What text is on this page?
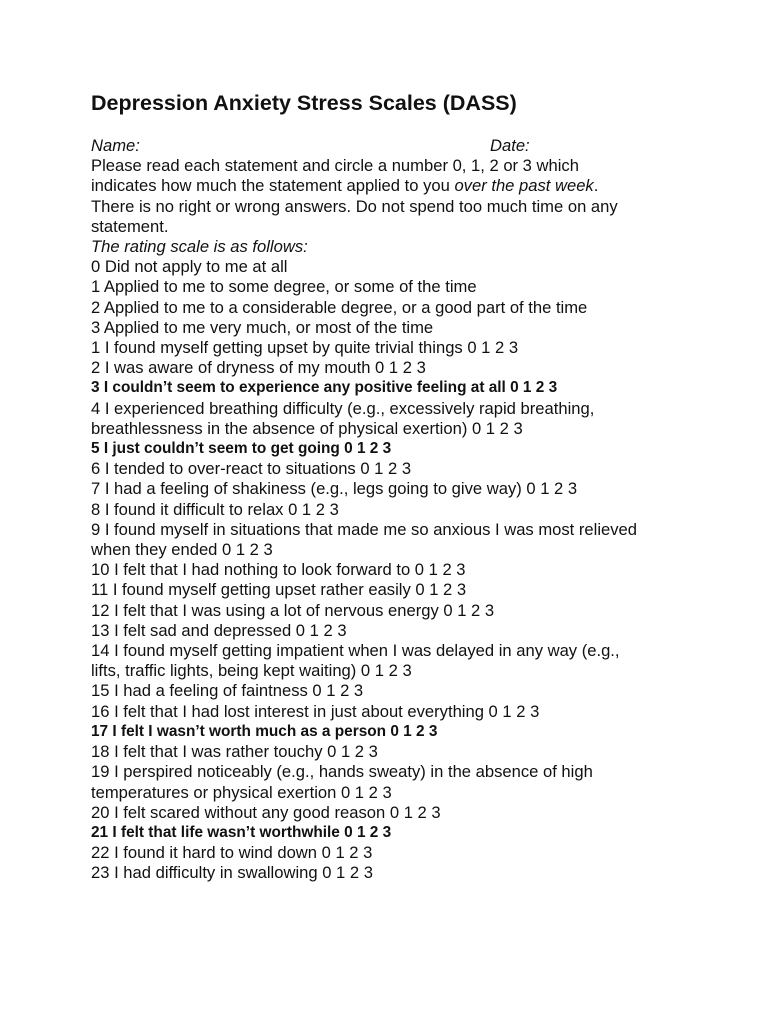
Depression Anxiety Stress Scales (DASS)
Name:	Date:

Please read each statement and circle a number 0, 1, 2 or 3 which

indicates how much the statement applied to you over the past week.

There is no right or wrong answers. Do not spend too much time on any

statement.

The rating scale is as follows:

0 Did not apply to me at all

1 Applied to me to some degree, or some of the time

2 Applied to me to a considerable degree, or a good part of the time

3 Applied to me very much, or most of the time

1 I found myself getting upset by quite trivial things 0 1 2 3

2 I was aware of dryness of my mouth 0 1 2 3

3 I couldn’t seem to experience any positive feeling at all 0 1 2 3

4 I experienced breathing difficulty (e.g., excessively rapid breathing,

breathlessness in the absence of physical exertion) 0 1 2 3

5 I just couldn’t seem to get going 0 1 2 3

6 I tended to over-react to situations 0 1 2 3

7 I had a feeling of shakiness (e.g., legs going to give way) 0 1 2 3

8 I found it difficult to relax 0 1 2 3

9 I found myself in situations that made me so anxious I was most relieved

when they ended 0 1 2 3

10 I felt that I had nothing to look forward to 0 1 2 3

11 I found myself getting upset rather easily 0 1 2 3

12 I felt that I was using a lot of nervous energy 0 1 2 3

13 I felt sad and depressed 0 1 2 3

14 I found myself getting impatient when I was delayed in any way (e.g.,

lifts, traffic lights, being kept waiting) 0 1 2 3

15 I had a feeling of faintness 0 1 2 3

16 I felt that I had lost interest in just about everything 0 1 2 3

17 I felt I wasn’t worth much as a person 0 1 2 3

18 I felt that I was rather touchy 0 1 2 3

19 I perspired noticeably (e.g., hands sweaty) in the absence of high

temperatures or physical exertion 0 1 2 3

20 I felt scared without any good reason 0 1 2 3

21 I felt that life wasn’t worthwhile 0 1 2 3

22 I found it hard to wind down 0 1 2 3

23 I had difficulty in swallowing 0 1 2 3
